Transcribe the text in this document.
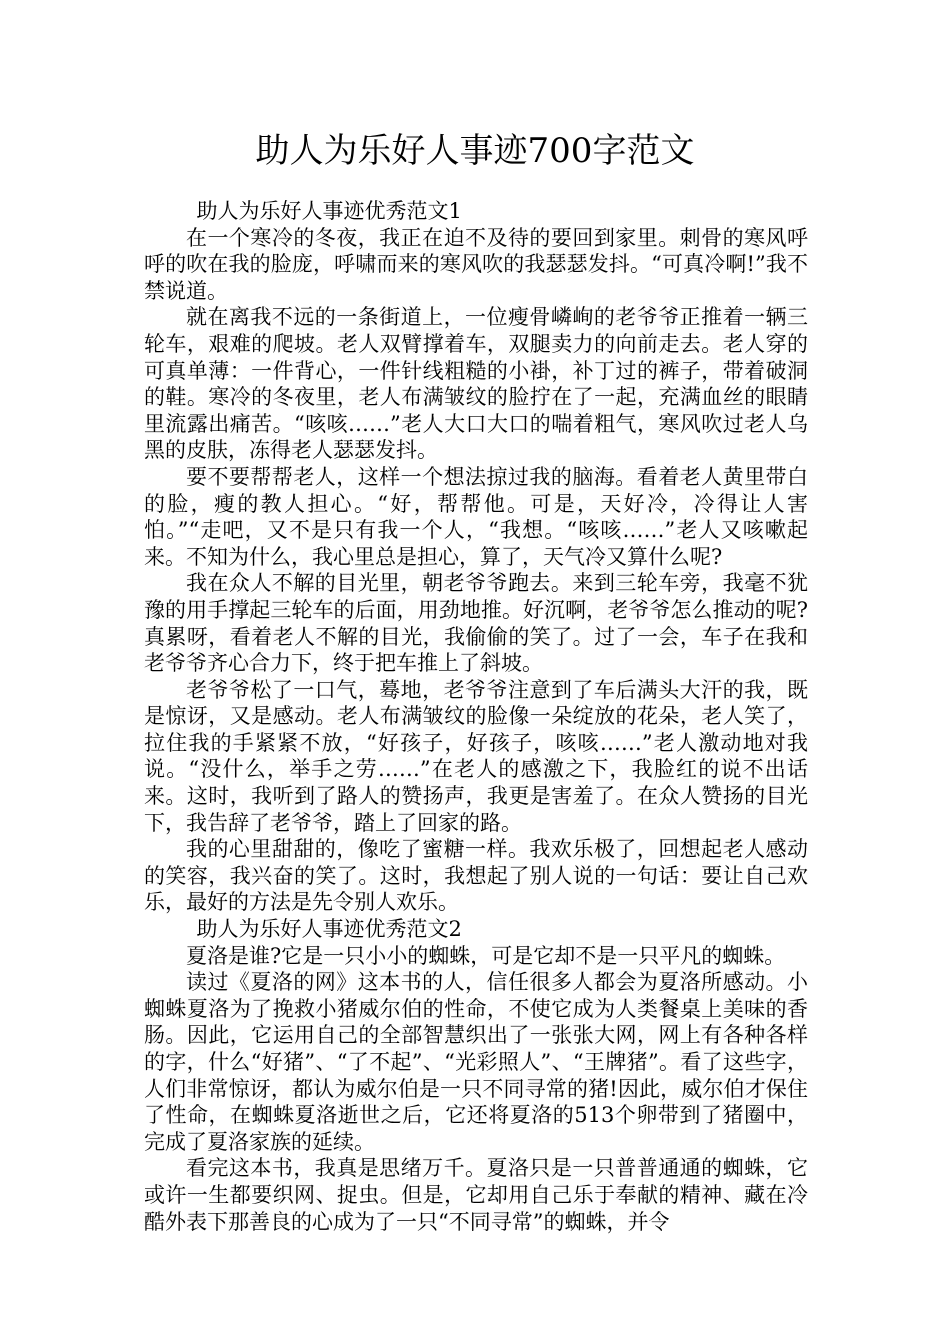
助人为乐好人事迹700字范文

助人为乐好人事迹优秀范文1

在一个寒冷的冬夜，我正在迫不及待的要回到家里。刺骨的寒风呼呼的吹在我的脸庞，呼啸而来的寒风吹的我瑟瑟发抖。“可真冷啊!”我不禁说道。

就在离我不远的一条街道上，一位瘦骨嶙峋的老爷爷正推着一辆三轮车，艰难的爬坡。老人双臂撑着车，双腿卖力的向前走去。老人穿的可真单薄：一件背心，一件针线粗糙的小褂，补丁过的裤子，带着破洞的鞋。寒冷的冬夜里，老人布满皱纹的脸拧在了一起，充满血丝的眼睛里流露出痛苦。“咳咳……”老人大口大口的喘着粗气，寒风吹过老人乌黑的皮肤，冻得老人瑟瑟发抖。

要不要帮帮老人，这样一个想法掠过我的脑海。看着老人黄里带白的脸，瘦的教人担心。“好，帮帮他。可是，天好冷，冷得让人害怕。”“走吧，又不是只有我一个人，“我想。“咳咳……”老人又咳嗽起来。不知为什么，我心里总是担心，算了，天气冷又算什么呢?

我在众人不解的目光里，朝老爷爷跑去。来到三轮车旁，我毫不犹豫的用手撑起三轮车的后面，用劲地推。好沉啊，老爷爷怎么推动的呢?真累呀，看着老人不解的目光，我偷偷的笑了。过了一会，车子在我和老爷爷齐心合力下，终于把车推上了斜坡。

老爷爷松了一口气，蓦地，老爷爷注意到了车后满头大汗的我，既是惊讶，又是感动。老人布满皱纹的脸像一朵绽放的花朵，老人笑了，拉住我的手紧紧不放，“好孩子，好孩子，咳咳……”老人激动地对我说。“没什么，举手之劳……”在老人的感激之下，我脸红的说不出话来。这时，我听到了路人的赞扬声，我更是害羞了。在众人赞扬的目光下，我告辞了老爷爷，踏上了回家的路。

我的心里甜甜的，像吃了蜜糖一样。我欢乐极了，回想起老人感动的笑容，我兴奋的笑了。这时，我想起了别人说的一句话：要让自己欢乐，最好的方法是先令别人欢乐。

助人为乐好人事迹优秀范文2

夏洛是谁?它是一只小小的蜘蛛，可是它却不是一只平凡的蜘蛛。

读过《夏洛的网》这本书的人，信任很多人都会为夏洛所感动。小蜘蛛夏洛为了挽救小猪威尔伯的性命，不使它成为人类餐桌上美味的香肠。因此，它运用自己的全部智慧织出了一张张大网，网上有各种各样的字，什么“好猪”、“了不起”、“光彩照人”、“王牌猪”。看了这些字，人们非常惊讶，都认为威尔伯是一只不同寻常的猪!因此，威尔伯才保住了性命，在蜘蛛夏洛逝世之后，它还将夏洛的513个卵带到了猪圈中，完成了夏洛家族的延续。

看完这本书，我真是思绪万千。夏洛只是一只普普通通的蜘蛛，它或许一生都要织网、捉虫。但是，它却用自己乐于奉献的精神、藏在冷酷外表下那善良的心成为了一只“不同寻常”的蜘蛛，并令
